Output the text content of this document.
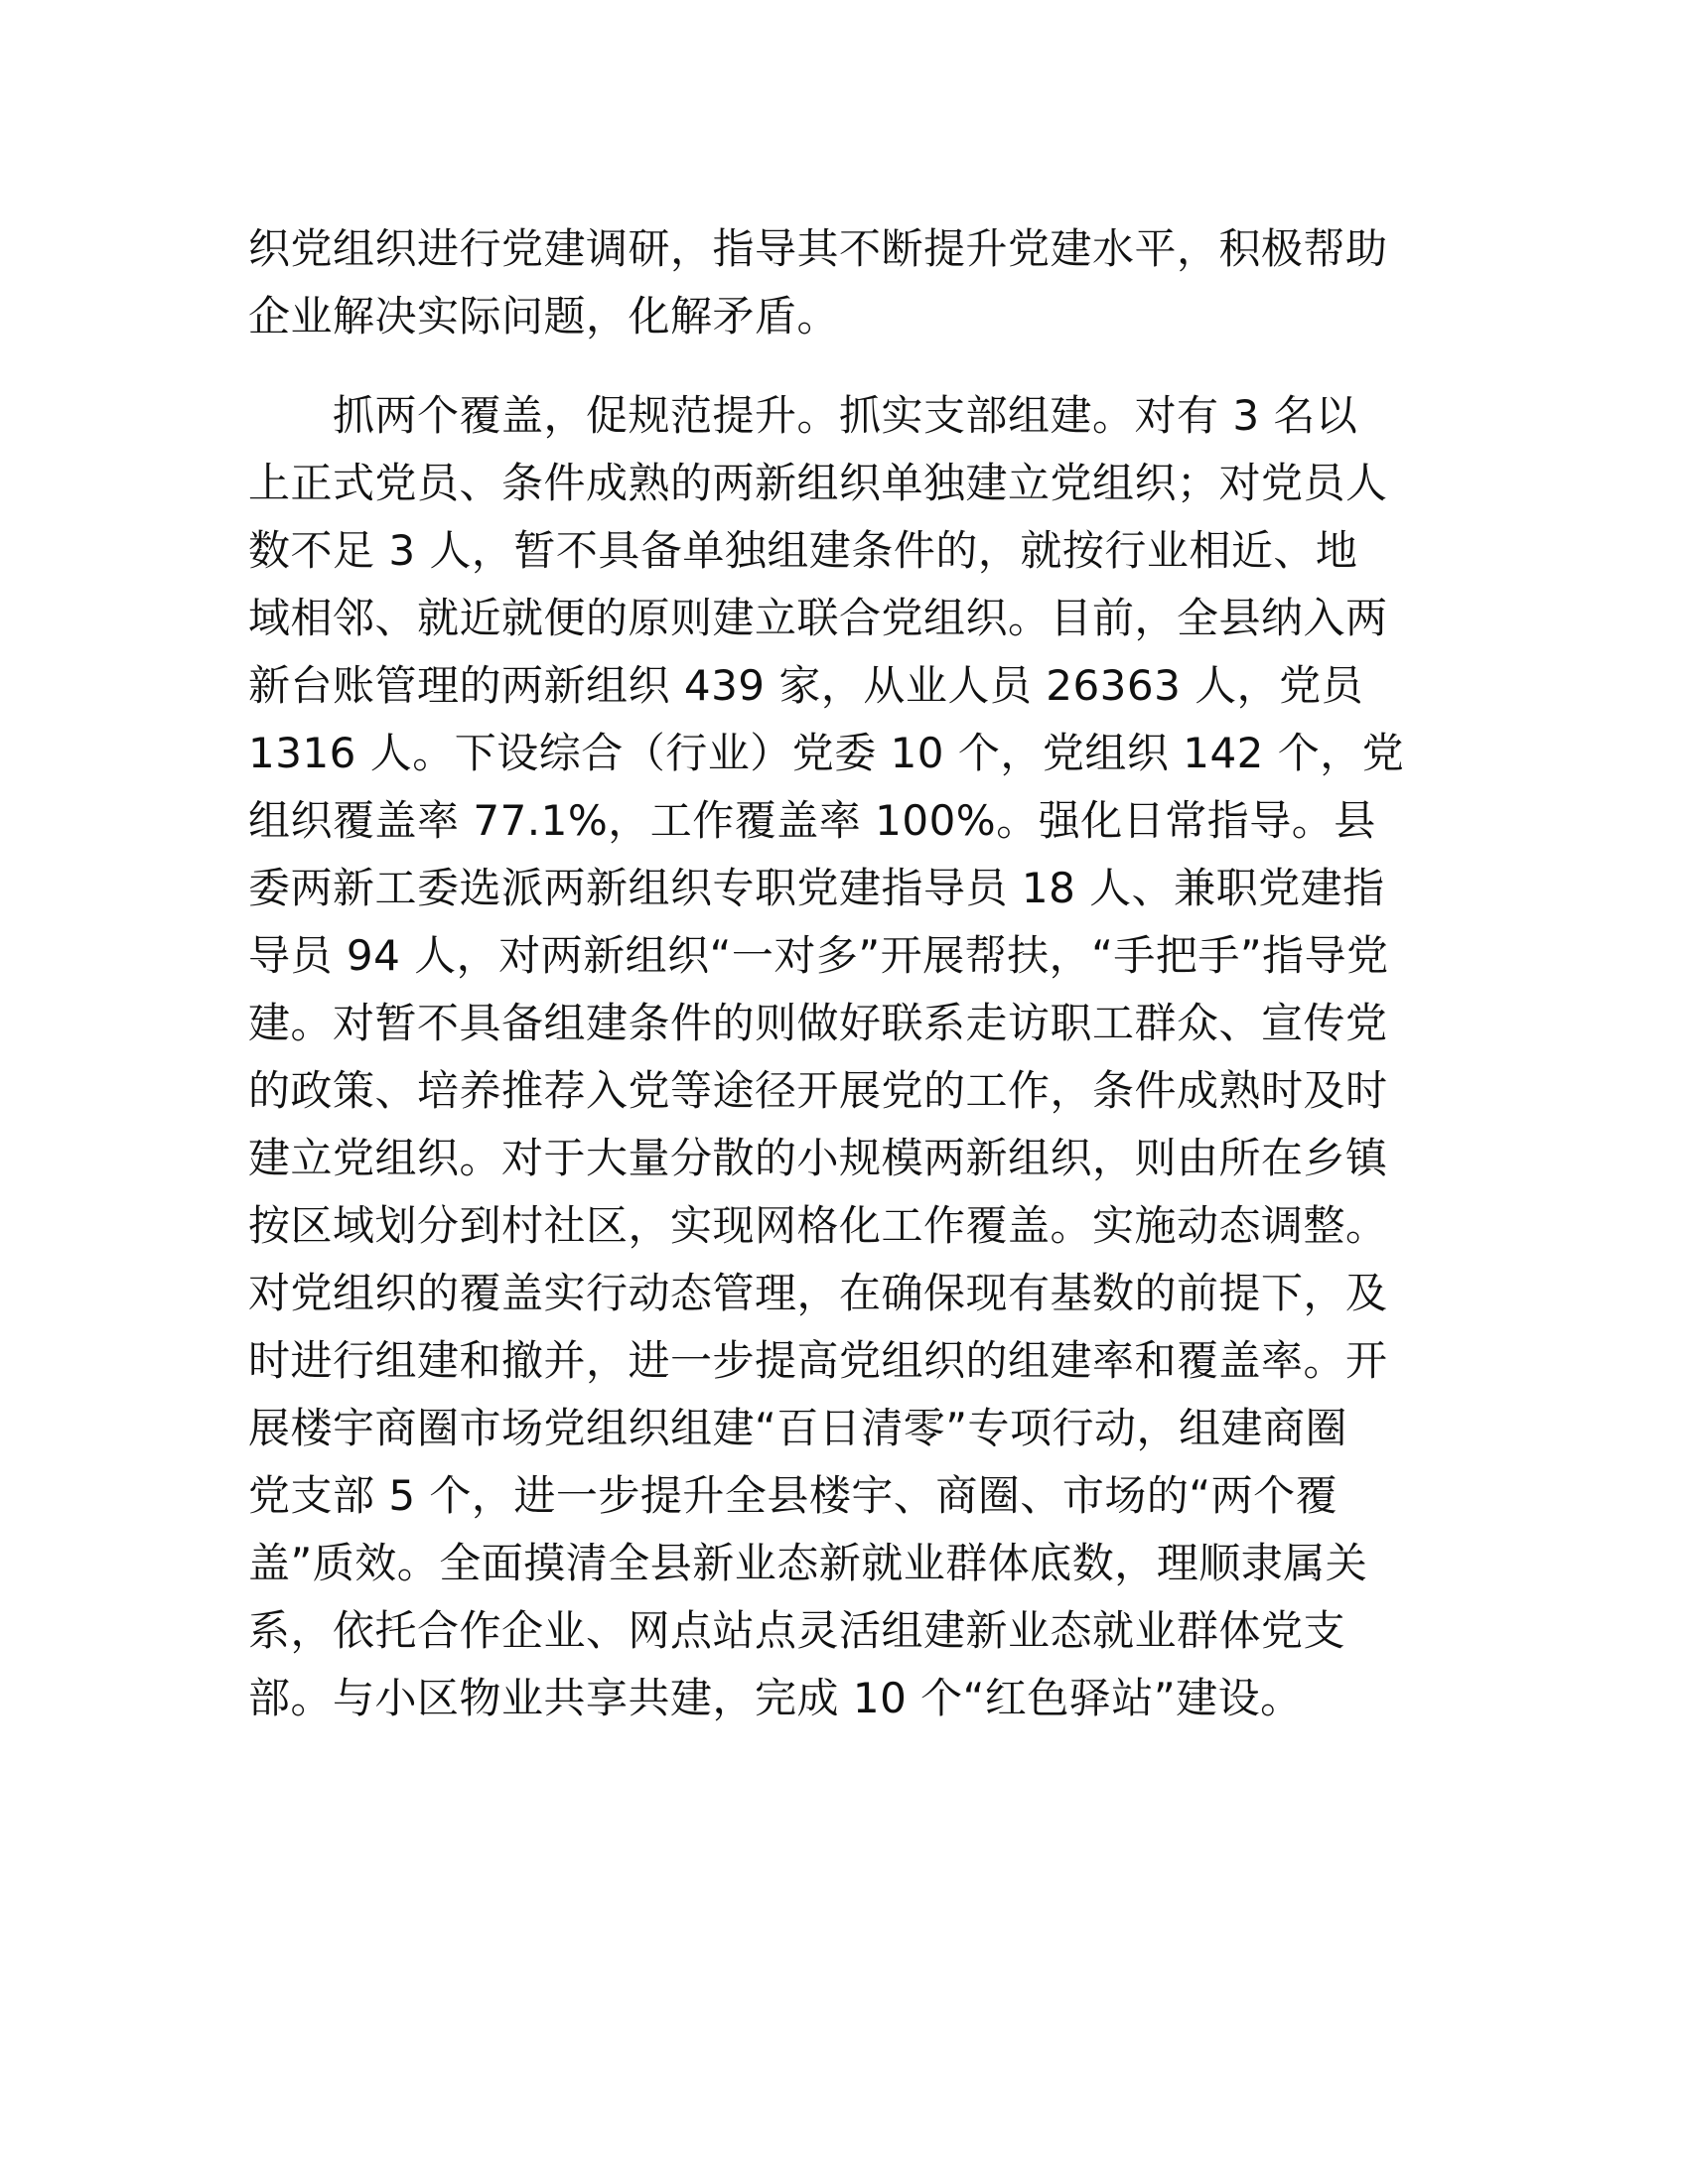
织党组织进行党建调研，指导其不断提升党建水平，积极帮助
企业解决实际问题，化解矛盾。
抓两个覆盖，促规范提升。抓实支部组建。对有 3 名以
上正式党员、条件成熟的两新组织单独建立党组织；对党员人
数不足 3 人，暂不具备单独组建条件的，就按行业相近、地
域相邻、就近就便的原则建立联合党组织。目前，全县纳入两
新台账管理的两新组织 439 家，从业人员 26363 人，党员
1316 人。下设综合（行业）党委 10 个，党组织 142 个，党
组织覆盖率 77.1%，工作覆盖率 100%。强化日常指导。县
委两新工委选派两新组织专职党建指导员 18 人、兼职党建指
导员 94 人，对两新组织“一对多”开展帮扶，“手把手”指导党
建。对暂不具备组建条件的则做好联系走访职工群众、宣传党
的政策、培养推荐入党等途径开展党的工作，条件成熟时及时
建立党组织。对于大量分散的小规模两新组织，则由所在乡镇
按区域划分到村社区，实现网格化工作覆盖。实施动态调整。
对党组织的覆盖实行动态管理，在确保现有基数的前提下，及
时进行组建和撤并，进一步提高党组织的组建率和覆盖率。开
展楼宇商圈市场党组织组建“百日清零”专项行动，组建商圈
党支部 5 个，进一步提升全县楼宇、商圈、市场的“两个覆
盖”质效。全面摸清全县新业态新就业群体底数，理顺隶属关
系，依托合作企业、网点站点灵活组建新业态就业群体党支
部。与小区物业共享共建，完成 10 个“红色驿站”建设。
